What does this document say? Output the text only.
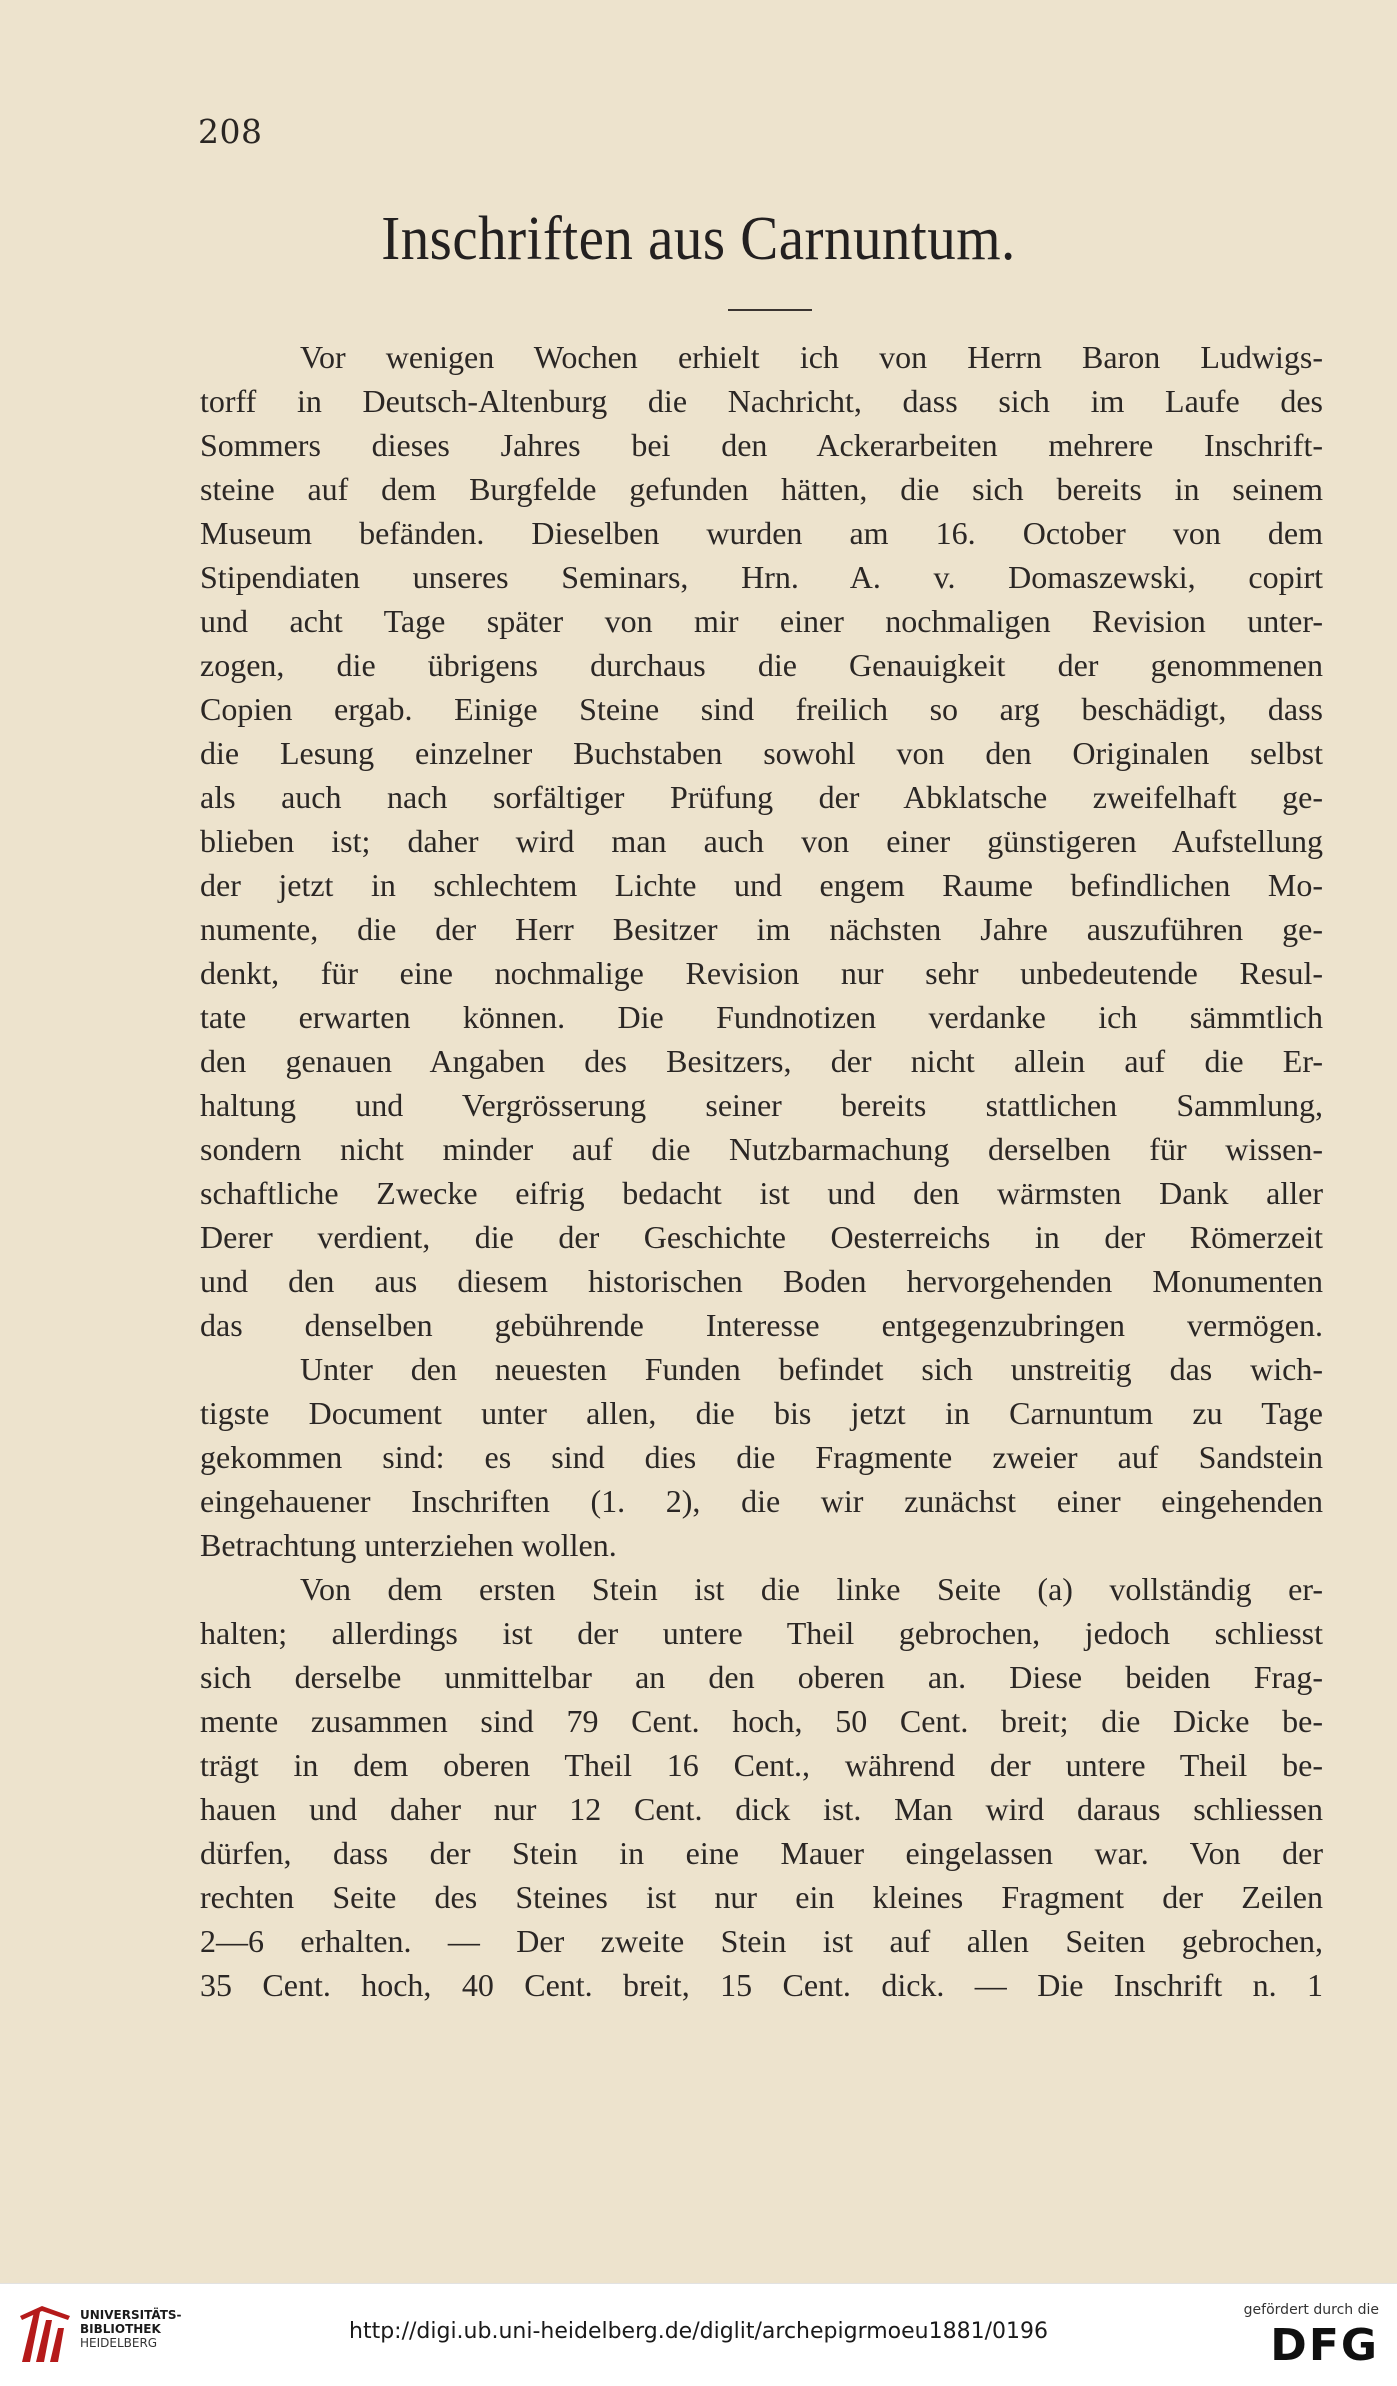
208
Inschriften aus Carnuntum.
Vor wenigen Wochen erhielt ich von Herrn Baron Ludwigs-
torff in Deutsch-Altenburg die Nachricht, dass sich im Laufe des
Sommers dieses Jahres bei den Ackerarbeiten mehrere Inschrift-
steine auf dem Burgfelde gefunden hätten, die sich bereits in seinem
Museum befänden. Dieselben wurden am 16. October von dem
Stipendiaten unseres Seminars, Hrn. A. v. Domaszewski, copirt
und acht Tage später von mir einer nochmaligen Revision unter-
zogen, die übrigens durchaus die Genauigkeit der genommenen
Copien ergab. Einige Steine sind freilich so arg beschädigt, dass
die Lesung einzelner Buchstaben sowohl von den Originalen selbst
als auch nach sorfältiger Prüfung der Abklatsche zweifelhaft ge-
blieben ist; daher wird man auch von einer günstigeren Aufstellung
der jetzt in schlechtem Lichte und engem Raume befindlichen Mo-
numente, die der Herr Besitzer im nächsten Jahre auszuführen ge-
denkt, für eine nochmalige Revision nur sehr unbedeutende Resul-
tate erwarten können. Die Fundnotizen verdanke ich sämmtlich
den genauen Angaben des Besitzers, der nicht allein auf die Er-
haltung und Vergrösserung seiner bereits stattlichen Sammlung,
sondern nicht minder auf die Nutzbarmachung derselben für wissen-
schaftliche Zwecke eifrig bedacht ist und den wärmsten Dank aller
Derer verdient, die der Geschichte Oesterreichs in der Römerzeit
und den aus diesem historischen Boden hervorgehenden Monumenten
das denselben gebührende Interesse entgegenzubringen vermögen.
Unter den neuesten Funden befindet sich unstreitig das wich-
tigste Document unter allen, die bis jetzt in Carnuntum zu Tage
gekommen sind: es sind dies die Fragmente zweier auf Sandstein
eingehauener Inschriften (1. 2), die wir zunächst einer eingehenden
Betrachtung unterziehen wollen.
Von dem ersten Stein ist die linke Seite (a) vollständig er-
halten; allerdings ist der untere Theil gebrochen, jedoch schliesst
sich derselbe unmittelbar an den oberen an. Diese beiden Frag-
mente zusammen sind 79 Cent. hoch, 50 Cent. breit; die Dicke be-
trägt in dem oberen Theil 16 Cent., während der untere Theil be-
hauen und daher nur 12 Cent. dick ist. Man wird daraus schliessen
dürfen, dass der Stein in eine Mauer eingelassen war. Von der
rechten Seite des Steines ist nur ein kleines Fragment der Zeilen
2—6 erhalten. — Der zweite Stein ist auf allen Seiten gebrochen,
35 Cent. hoch, 40 Cent. breit, 15 Cent. dick. — Die Inschrift n. 1
UNIVERSITÄTS-
BIBLIOTHEK
HEIDELBERG	http://digi.ub.uni-heidelberg.de/diglit/archepigrmoeu1881/0196
gefördert durch die
DFG
